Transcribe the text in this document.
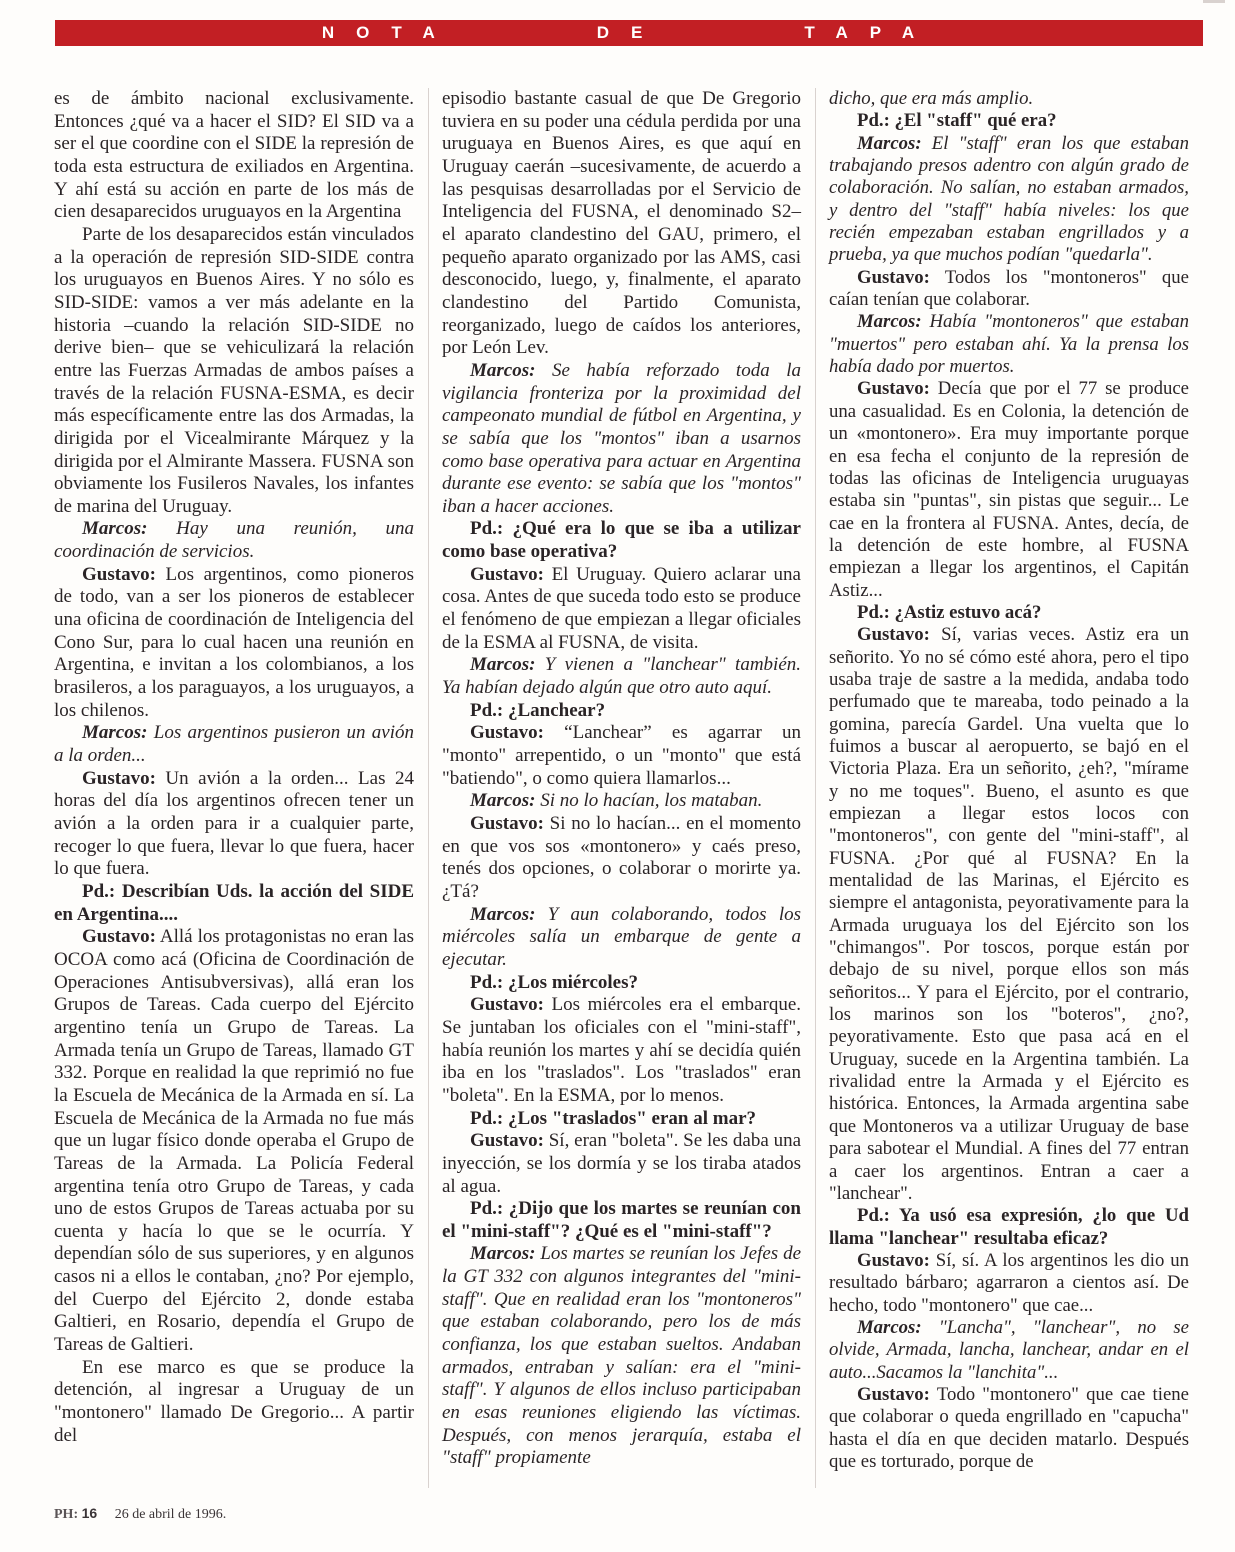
NOTA	DE	TAPA

es de ámbito nacional exclusivamente. Entonces ¿qué va a hacer el SID? El SID va a ser el que coordine con el SIDE la represión de toda esta estructura de exiliados en Argentina. Y ahí está su acción en parte de los más de cien desaparecidos uruguayos en la Argentina

Parte de los desaparecidos están vinculados a la operación de represión SID-SIDE contra los uruguayos en Buenos Aires. Y no sólo es SID-SIDE: vamos a ver más adelante en la historia –cuando la relación SID-SIDE no derive bien– que se vehiculizará la relación entre las Fuerzas Armadas de ambos países a través de la relación FUSNA-ESMA, es decir más específicamente entre las dos Armadas, la dirigida por el Vicealmirante Márquez y la dirigida por el Almirante Massera. FUSNA son obviamente los Fusileros Navales, los infantes de marina del Uruguay.

Marcos: Hay una reunión, una coordinación de servicios.

Gustavo: Los argentinos, como pioneros de todo, van a ser los pioneros de establecer una oficina de coordinación de Inteligencia del Cono Sur, para lo cual hacen una reunión en Argentina, e invitan a los colombianos, a los brasileros, a los paraguayos, a los uruguayos, a los chilenos.

Marcos: Los argentinos pusieron un avión a la orden...

Gustavo: Un avión a la orden... Las 24 horas del día los argentinos ofrecen tener un avión a la orden para ir a cualquier parte, recoger lo que fuera, llevar lo que fuera, hacer lo que fuera.

Pd.: Describían Uds. la acción del SIDE en Argentina....

Gustavo: Allá los protagonistas no eran las OCOA como acá (Oficina de Coordinación de Operaciones Antisubversivas), allá eran los Grupos de Tareas. Cada cuerpo del Ejército argentino tenía un Grupo de Tareas. La Armada tenía un Grupo de Tareas, llamado GT 332. Porque en realidad la que reprimió no fue la Escuela de Mecánica de la Armada en sí. La Escuela de Mecánica de la Armada no fue más que un lugar físico donde operaba el Grupo de Tareas de la Armada. La Policía Federal argentina tenía otro Grupo de Tareas, y cada uno de estos Grupos de Tareas actuaba por su cuenta y hacía lo que se le ocurría. Y dependían sólo de sus superiores, y en algunos casos ni a ellos le contaban, ¿no? Por ejemplo, del Cuerpo del Ejército 2, donde estaba Galtieri, en Rosario, dependía el Grupo de Tareas de Galtieri.

En ese marco es que se produce la detención, al ingresar a Uruguay de un "montonero" llamado De Gregorio... A partir del

episodio bastante casual de que De Gregorio tuviera en su poder una cédula perdida por una uruguaya en Buenos Aires, es que aquí en Uruguay caerán –sucesivamente, de acuerdo a las pesquisas desarrolladas por el Servicio de Inteligencia del FUSNA, el denominado S2– el aparato clandestino del GAU, primero, el pequeño aparato organizado por las AMS, casi desconocido, luego, y, finalmente, el aparato clandestino del Partido Comunista, reorganizado, luego de caídos los anteriores, por León Lev.

Marcos: Se había reforzado toda la vigilancia fronteriza por la proximidad del campeonato mundial de fútbol en Argentina, y se sabía que los "montos" iban a usarnos como base operativa para actuar en Argentina durante ese evento: se sabía que los "montos" iban a hacer acciones.

Pd.: ¿Qué era lo que se iba a utilizar como base operativa?

Gustavo: El Uruguay. Quiero aclarar una cosa. Antes de que suceda todo esto se produce el fenómeno de que empiezan a llegar oficiales de la ESMA al FUSNA, de visita.

Marcos: Y vienen a "lanchear" también. Ya habían dejado algún que otro auto aquí.

Pd.: ¿Lanchear?

Gustavo: “Lanchear” es agarrar un "monto" arrepentido, o un "monto" que está "batiendo", o como quiera llamarlos...

Marcos: Si no lo hacían, los mataban.

Gustavo: Si no lo hacían... en el momento en que vos sos «montonero» y caés preso, tenés dos opciones, o colaborar o morirte ya. ¿Tá?

Marcos: Y aun colaborando, todos los miércoles salía un embarque de gente a ejecutar.

Pd.: ¿Los miércoles?

Gustavo: Los miércoles era el embarque. Se juntaban los oficiales con el "mini-staff", había reunión los martes y ahí se decidía quién iba en los "traslados". Los "traslados" eran "boleta". En la ESMA, por lo menos.

Pd.: ¿Los "traslados" eran al mar?

Gustavo: Sí, eran "boleta". Se les daba una inyección, se los dormía y se los tiraba atados al agua.

Pd.: ¿Dijo que los martes se reunían con el "mini-staff"? ¿Qué es el "mini-staff"?

Marcos: Los martes se reunían los Jefes de la GT 332 con algunos integrantes del "mini-staff". Que en realidad eran los "montoneros" que estaban colaborando, pero los de más confianza, los que estaban sueltos. Andaban armados, entraban y salían: era el "mini-staff". Y algunos de ellos incluso participaban en esas reuniones eligiendo las víctimas. Después, con menos jerarquía, estaba el "staff" propiamente

dicho, que era más amplio.

Pd.: ¿El "staff" qué era?

Marcos: El "staff" eran los que estaban trabajando presos adentro con algún grado de colaboración. No salían, no estaban armados, y dentro del "staff" había niveles: los que recién empezaban estaban engrillados y a prueba, ya que muchos podían "quedarla".

Gustavo: Todos los "montoneros" que caían tenían que colaborar.

Marcos: Había "montoneros" que estaban "muertos" pero estaban ahí. Ya la prensa los había dado por muertos.

Gustavo: Decía que por el 77 se produce una casualidad. Es en Colonia, la detención de un «montonero». Era muy importante porque en esa fecha el conjunto de la represión de todas las oficinas de Inteligencia uruguayas estaba sin "puntas", sin pistas que seguir... Le cae en la frontera al FUSNA. Antes, decía, de la detención de este hombre, al FUSNA empiezan a llegar los argentinos, el Capitán Astiz...

Pd.: ¿Astiz estuvo acá?

Gustavo: Sí, varias veces. Astiz era un señorito. Yo no sé cómo esté ahora, pero el tipo usaba traje de sastre a la medida, andaba todo perfumado que te mareaba, todo peinado a la gomina, parecía Gardel. Una vuelta que lo fuimos a buscar al aeropuerto, se bajó en el Victoria Plaza. Era un señorito, ¿eh?, "mírame y no me toques". Bueno, el asunto es que empiezan a llegar estos locos con "montoneros", con gente del "mini-staff", al FUSNA. ¿Por qué al FUSNA? En la mentalidad de las Marinas, el Ejército es siempre el antagonista, peyorativamente para la Armada uruguaya los del Ejército son los "chimangos". Por toscos, porque están por debajo de su nivel, porque ellos son más señoritos... Y para el Ejército, por el contrario, los marinos son los "boteros", ¿no?, peyorativamente. Esto que pasa acá en el Uruguay, sucede en la Argentina también. La rivalidad entre la Armada y el Ejército es histórica. Entonces, la Armada argentina sabe que Montoneros va a utilizar Uruguay de base para sabotear el Mundial. A fines del 77 entran a caer los argentinos. Entran a caer a "lanchear".

Pd.: Ya usó esa expresión, ¿lo que Ud llama "lanchear" resultaba eficaz?

Gustavo: Sí, sí. A los argentinos les dio un resultado bárbaro; agarraron a cientos así. De hecho, todo "montonero" que cae...

Marcos: "Lancha", "lanchear", no se olvide, Armada, lancha, lanchear, andar en el auto...Sacamos la "lanchita"...

Gustavo: Todo "montonero" que cae tiene que colaborar o queda engrillado en "capucha" hasta el día en que deciden matarlo. Después que es torturado, porque de

PH: 16 26 de abril de 1996.
